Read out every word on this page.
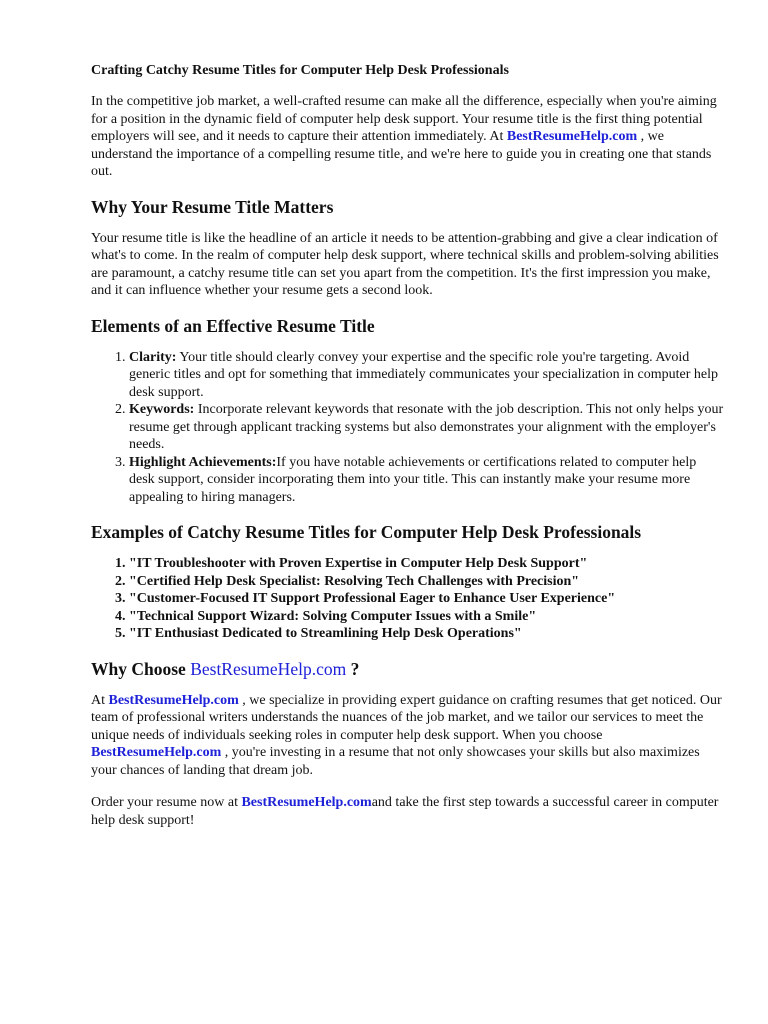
Crafting Catchy Resume Titles for Computer Help Desk Professionals

In the competitive job market, a well-crafted resume can make all the difference, especially when you're aiming for a position in the dynamic field of computer help desk support. Your resume title is the first thing potential employers will see, and it needs to capture their attention immediately. At BestResumeHelp.com , we understand the importance of a compelling resume title, and we're here to guide you in creating one that stands out.

Why Your Resume Title Matters

Your resume title is like the headline of an article it needs to be attention-grabbing and give a clear indication of what's to come. In the realm of computer help desk support, where technical skills and problem-solving abilities are paramount, a catchy resume title can set you apart from the competition. It's the first impression you make, and it can influence whether your resume gets a second look.

Elements of an Effective Resume Title
1. Clarity: Your title should clearly convey your expertise and the specific role you're targeting. Avoid generic titles and opt for something that immediately communicates your specialization in computer help desk support.
2. Keywords: Incorporate relevant keywords that resonate with the job description. This not only helps your resume get through applicant tracking systems but also demonstrates your alignment with the employer's needs.
3. Highlight Achievements:If you have notable achievements or certifications related to computer help desk support, consider incorporating them into your title. This can instantly make your resume more appealing to hiring managers.
Examples of Catchy Resume Titles for Computer Help Desk Professionals
1. "IT Troubleshooter with Proven Expertise in Computer Help Desk Support"
2. "Certified Help Desk Specialist: Resolving Tech Challenges with Precision"
3. "Customer-Focused IT Support Professional Eager to Enhance User Experience"
4. "Technical Support Wizard: Solving Computer Issues with a Smile"
5. "IT Enthusiast Dedicated to Streamlining Help Desk Operations"
Why Choose BestResumeHelp.com ?

At BestResumeHelp.com , we specialize in providing expert guidance on crafting resumes that get noticed. Our team of professional writers understands the nuances of the job market, and we tailor our services to meet the unique needs of individuals seeking roles in computer help desk support. When you choose BestResumeHelp.com , you're investing in a resume that not only showcases your skills but also maximizes your chances of landing that dream job.

Order your resume now at BestResumeHelp.comand take the first step towards a successful career in computer help desk support!
